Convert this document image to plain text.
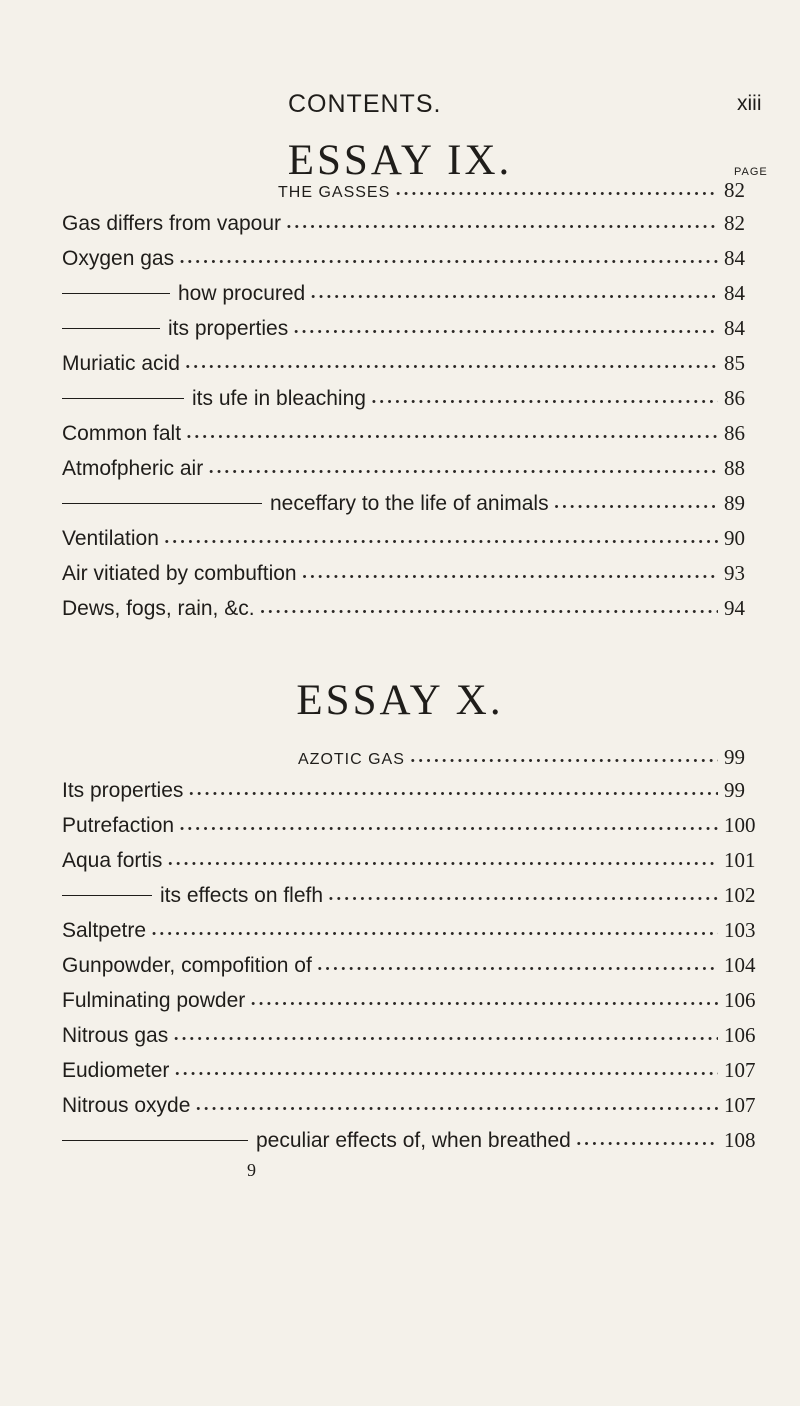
CONTENTS.	xiii
ESSAY IX.	PAGE
THE GASSES •••••	82
Gas differs from vapour •••••	82
Oxygen gas •••••	84
how procured •••••	84
its properties •••••	84
Muriatic acid •••••	85
its ufe in bleaching •••••	86
Common falt •••••	86
Atmofpheric air •••••	88
neceffary to the life of animals •••••	89
Ventilation •••••	90
Air vitiated by combuftion •••••	93
Dews, fogs, rain, &c. •••••	94
ESSAY X.
AZOTIC GAS •••••	99
Its properties •••••	99
Putrefaction •••••	100
Aqua fortis •••••	101
its effects on flefh •••••	102
Saltpetre •••••	103
Gunpowder, compofition of •••••	104
Fulminating powder •••••	106
Nitrous gas •••••	106
Eudiometer •••••	107
Nitrous oxyde •••••	107
peculiar effects of, when breathed •••••	108
9
